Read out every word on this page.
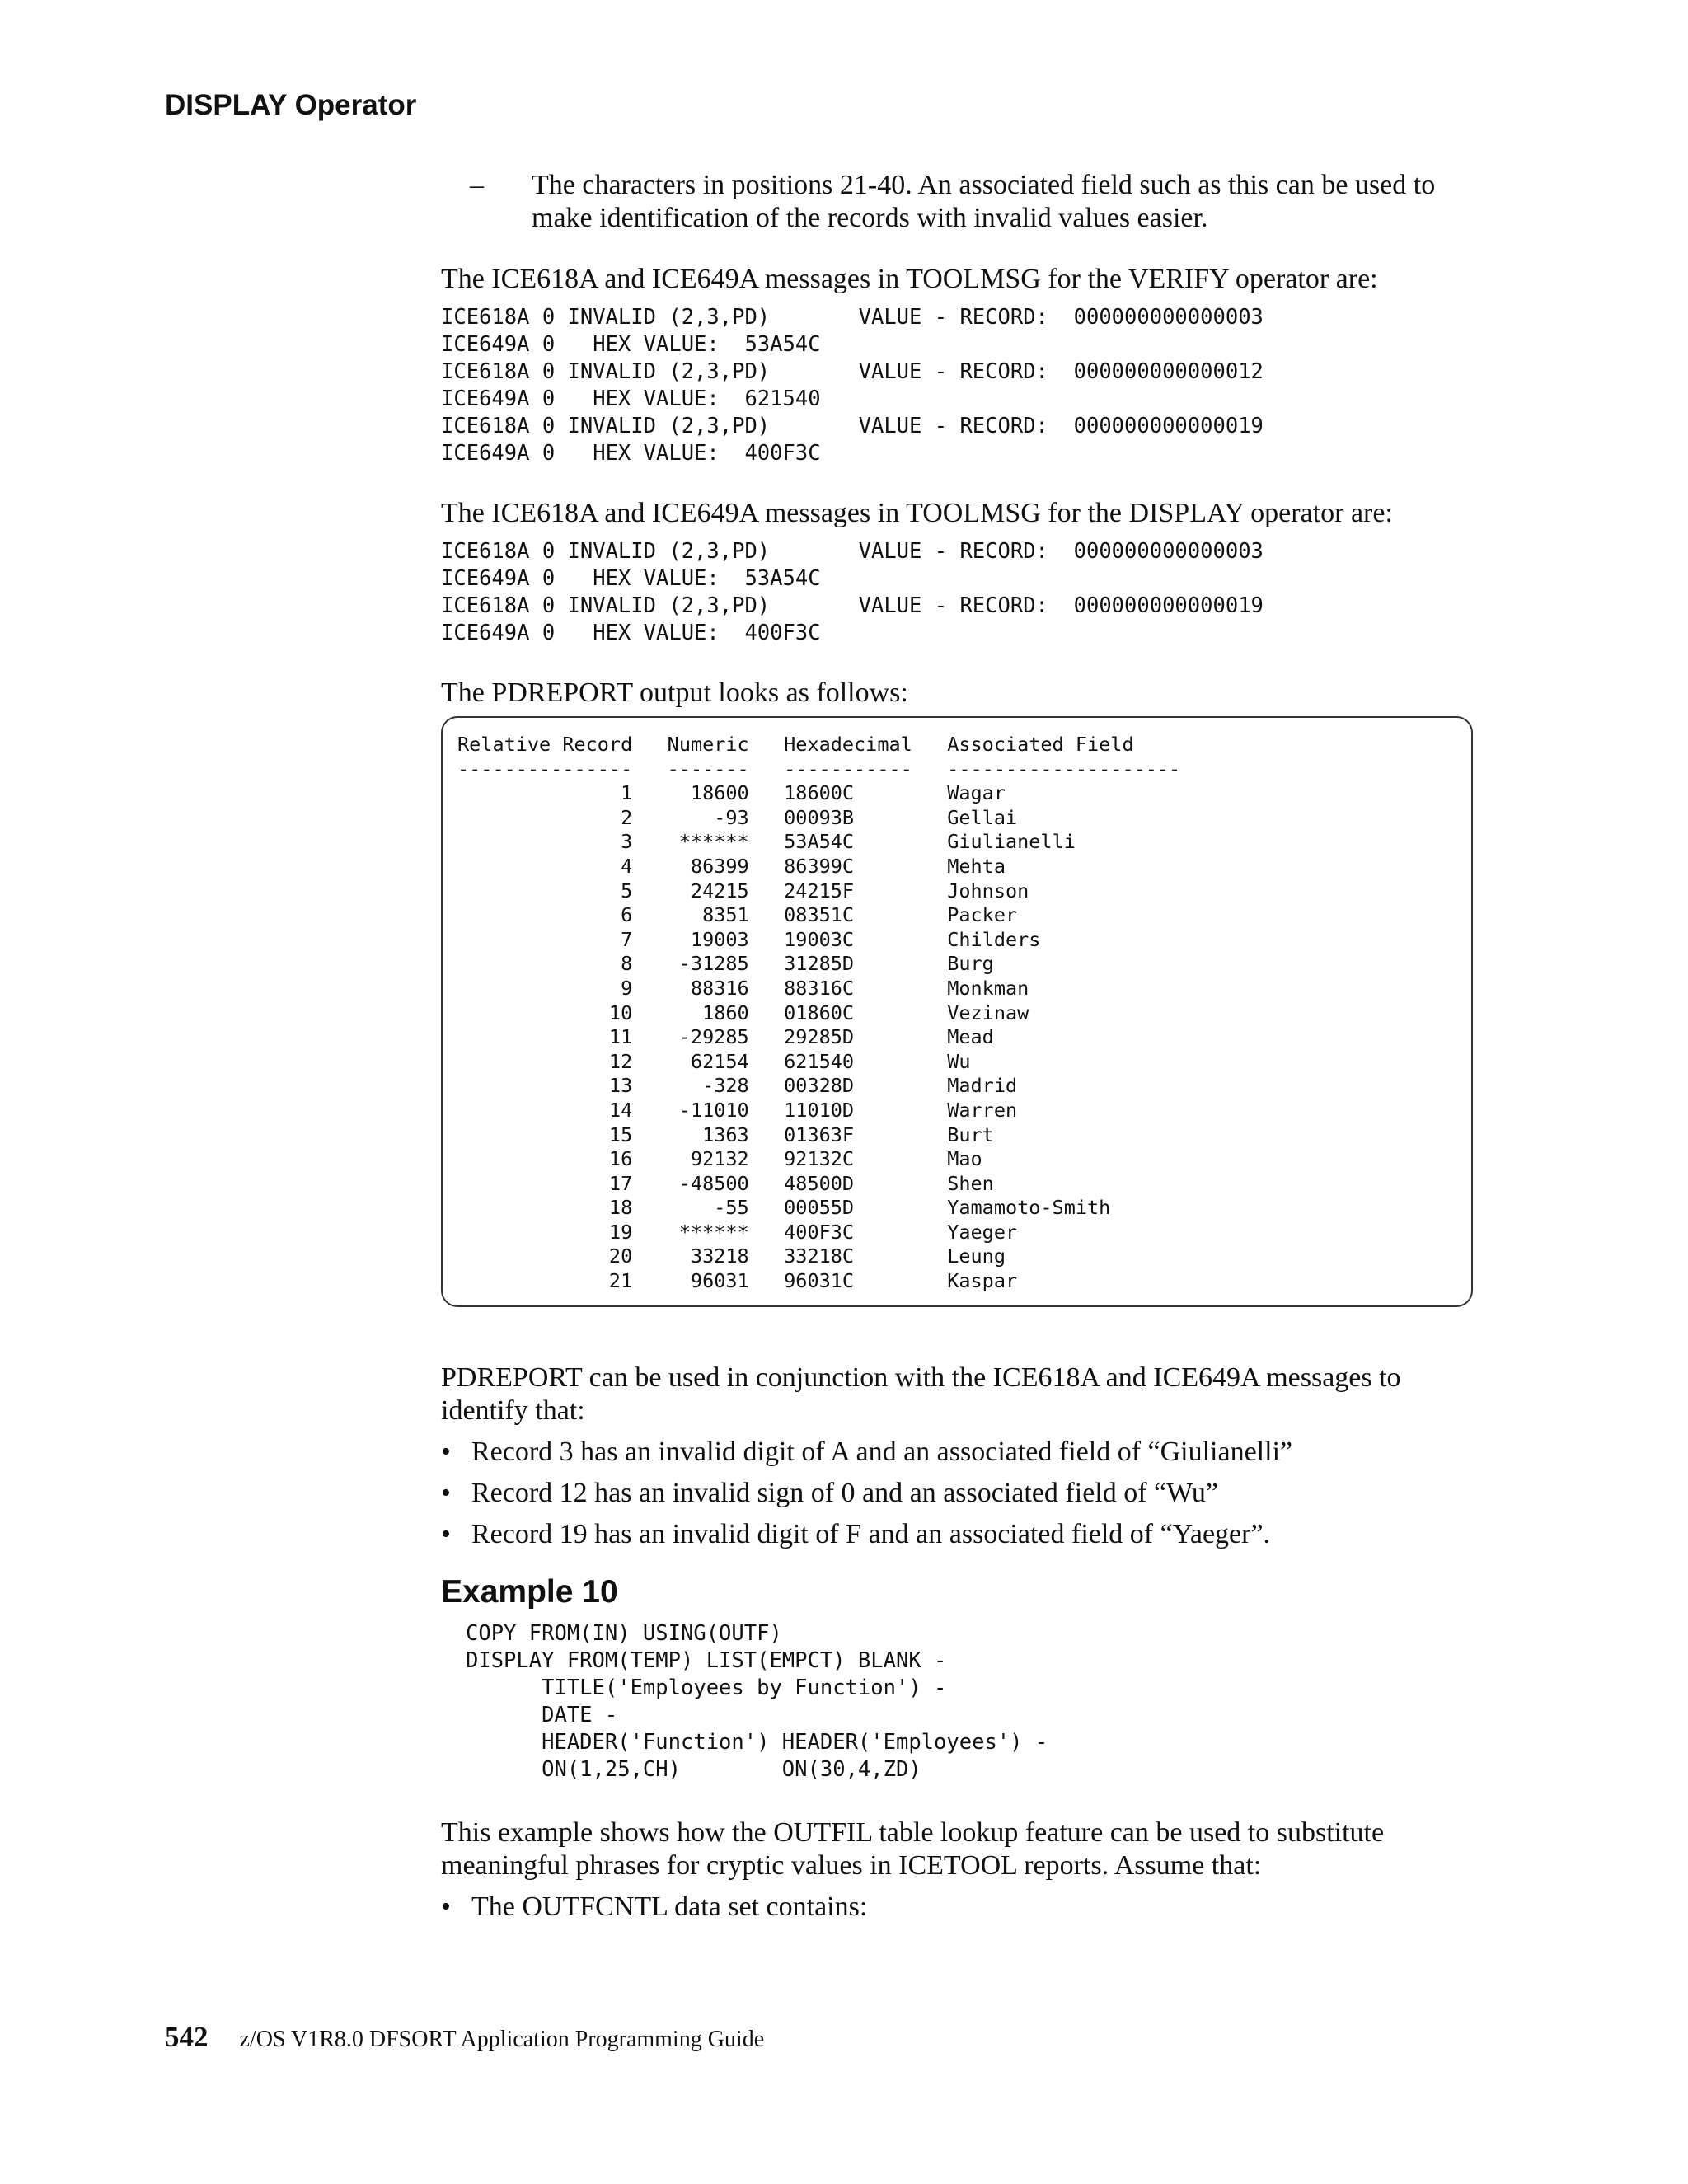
DISPLAY Operator
– The characters in positions 21-40. An associated field such as this can be used to make identification of the records with invalid values easier.

The ICE618A and ICE649A messages in TOOLMSG for the VERIFY operator are:

ICE618A 0 INVALID (2,3,PD)       VALUE - RECORD:  000000000000003
ICE649A 0   HEX VALUE:  53A54C
ICE618A 0 INVALID (2,3,PD)       VALUE - RECORD:  000000000000012
ICE649A 0   HEX VALUE:  621540
ICE618A 0 INVALID (2,3,PD)       VALUE - RECORD:  000000000000019
ICE649A 0   HEX VALUE:  400F3C

The ICE618A and ICE649A messages in TOOLMSG for the DISPLAY operator are:

ICE618A 0 INVALID (2,3,PD)       VALUE - RECORD:  000000000000003
ICE649A 0   HEX VALUE:  53A54C
ICE618A 0 INVALID (2,3,PD)       VALUE - RECORD:  000000000000019
ICE649A 0   HEX VALUE:  400F3C

The PDREPORT output looks as follows:

Relative Record   Numeric   Hexadecimal   Associated Field
---------------   -------   -----------   --------------------
1     18600   18600C        Wagar
2       -93   00093B        Gellai
3    ******   53A54C        Giulianelli
4     86399   86399C        Mehta
5     24215   24215F        Johnson
6      8351   08351C        Packer
7     19003   19003C        Childers
8    -31285   31285D        Burg
9     88316   88316C        Monkman
10      1860   01860C        Vezinaw
11    -29285   29285D        Mead
12     62154   621540        Wu
13      -328   00328D        Madrid
14    -11010   11010D        Warren
15      1363   01363F        Burt
16     92132   92132C        Mao
17    -48500   48500D        Shen
18       -55   00055D        Yamamoto-Smith
19    ******   400F3C        Yaeger
20     33218   33218C        Leung
21     96031   96031C        Kaspar

PDREPORT can be used in conjunction with the ICE618A and ICE649A messages to identify that:

• Record 3 has an invalid digit of A and an associated field of “Giulianelli”
• Record 12 has an invalid sign of 0 and an associated field of “Wu”
• Record 19 has an invalid digit of F and an associated field of “Yaeger”.
Example 10
COPY FROM(IN) USING(OUTF)
DISPLAY FROM(TEMP) LIST(EMPCT) BLANK -
TITLE('Employees by Function') -
DATE -
HEADER('Function') HEADER('Employees') -
ON(1,25,CH)        ON(30,4,ZD)

This example shows how the OUTFIL table lookup feature can be used to substitute meaningful phrases for cryptic values in ICETOOL reports. Assume that:

• The OUTFCNTL data set contains:
542 z/OS V1R8.0 DFSORT Application Programming Guide
